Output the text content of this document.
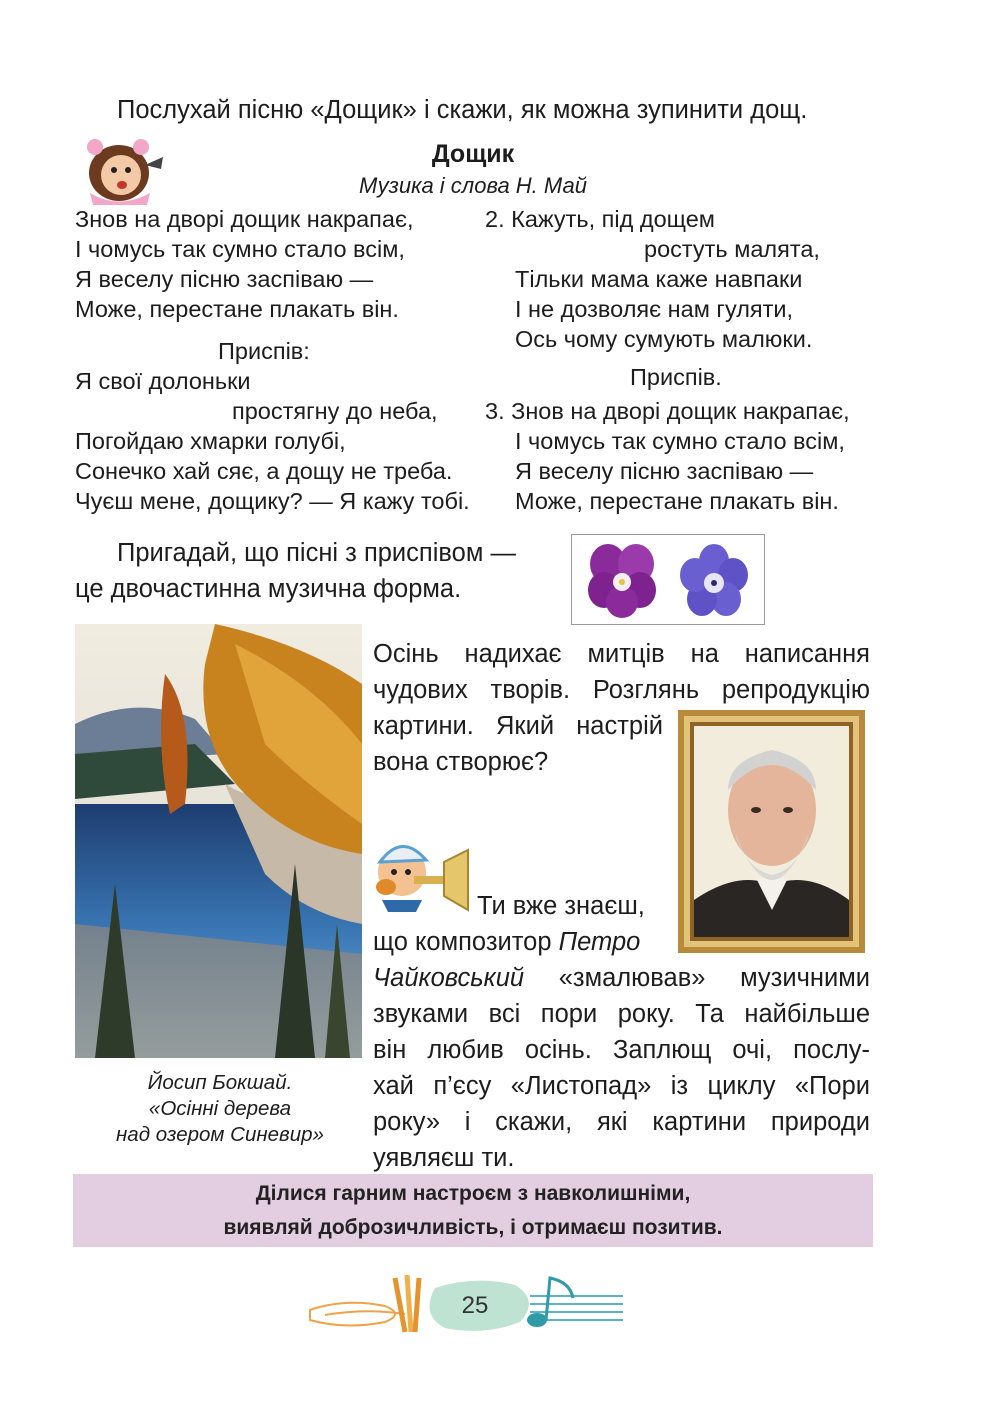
Послухай пісню «Дощик» і скажи, як можна зупинити дощ.
Дощик
Музика і слова Н. Май
Знов на дворі дощик накрапає,
І чомусь так сумно стало всім,
Я веселу пісню заспіваю —
Може, перестане плакать він.
Приспів:
Я свої долоньки
простягну до неба,
Погойдаю хмарки голубі,
Сонечко хай сяє, а дощу не треба.
Чуєш мене, дощику? — Я кажу тобі.
2. Кажуть, під дощем
ростуть малята,
Тільки мама каже навпаки
І не дозволяє нам гуляти,
Ось чому сумують малюки.
Приспів.
3. Знов на дворі дощик накрапає,
І чомусь так сумно стало всім,
Я веселу пісню заспіваю —
Може, перестане плакать він.
Пригадай, що пісні з приспівом —
це двочастинна музична форма.
Йосип Бокшай.
«Осінні дерева
над озером Синевир»
Осінь надихає митців на написання
чудових творів. Розглянь репродукцію
картини. Який настрій
вона створює?
Ти вже знаєш,
що композитор Петро
Чайковський «змалював» музичними
звуками всі пори року. Та найбільше
він любив осінь. Заплющ очі, послу-
хай п’єсу «Листопад» із циклу «Пори
року» і скажи, які картини природи
уявляєш ти.
Ділися гарним настроєм з навколишніми,
виявляй доброзичливість, і отримаєш позитив.
25
